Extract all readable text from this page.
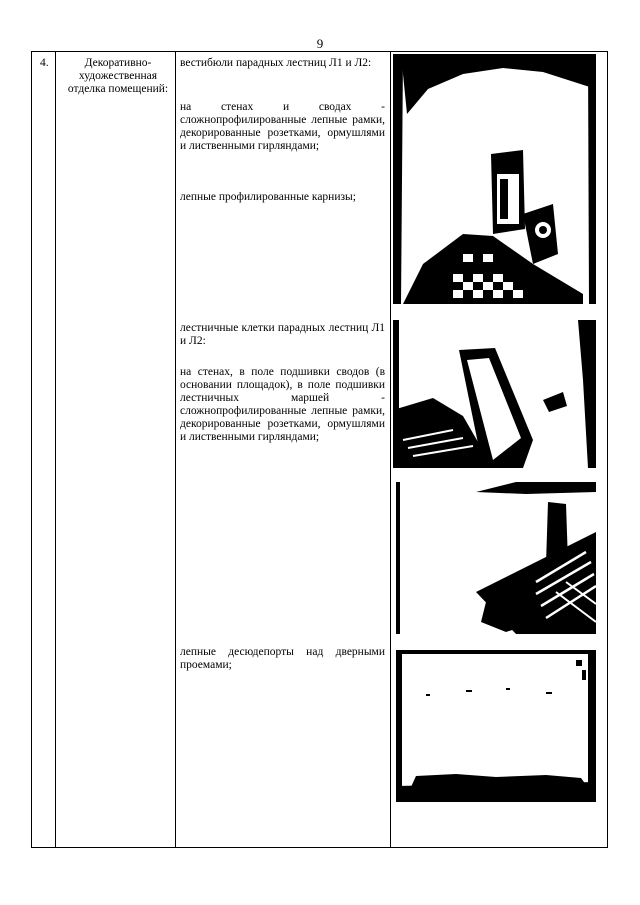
9
4.	Декоративно-художественная отделка помещений:
вестибюли парадных лестниц Л1 и Л2:
на стенах и сводах - сложнопрофилированные лепные рамки, декорированные розетками, ормушлями и лиственными гирляндами;
лепные профилированные карнизы;
лестничные клетки парадных лестниц Л1 и Л2:
на стенах, в поле подшивки сводов (в основании площадок), в поле подшивки лестничных маршей - сложнопрофилированные лепные рамки, декорированные розетками, ормушлями и лиственными гирляндами;
лепные десюдепорты над дверными проемами;
